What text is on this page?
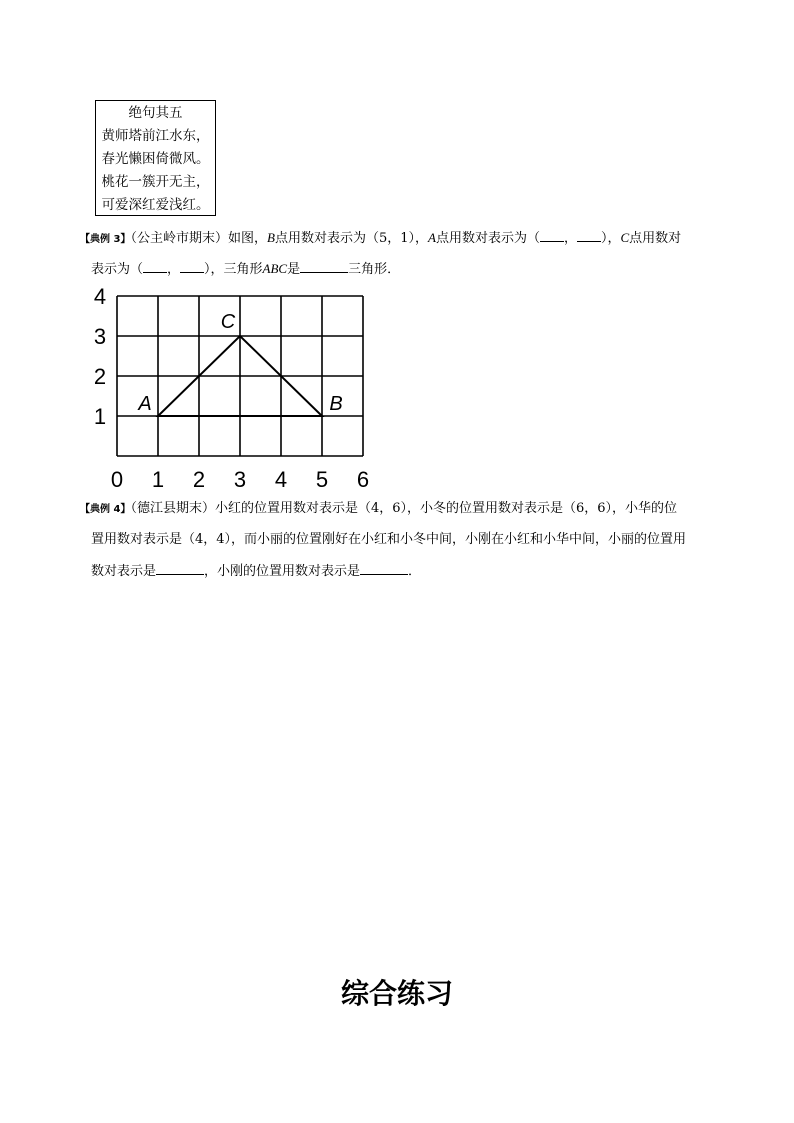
绝句其五
黄师塔前江水东，
春光懒困倚微风。
桃花一簇开无主，
可爱深红爱浅红。
【典例 3】（公主岭市期末）如图，B点用数对表示为（5，1），A点用数对表示为（ ， ），C点用数对
表示为（ ， ），三角形ABC是	三角形．
0 1 2 3 4 5 6
1
2
3
4
A	B
C
【典例 4】（德江县期末）小红的位置用数对表示是（4，6），小冬的位置用数对表示是（6，6），小华的位
置用数对表示是（4，4），而小丽的位置刚好在小红和小冬中间，小刚在小红和小华中间，小丽的位置用
数对表示是	，小刚的位置用数对表示是	．
综合练习
